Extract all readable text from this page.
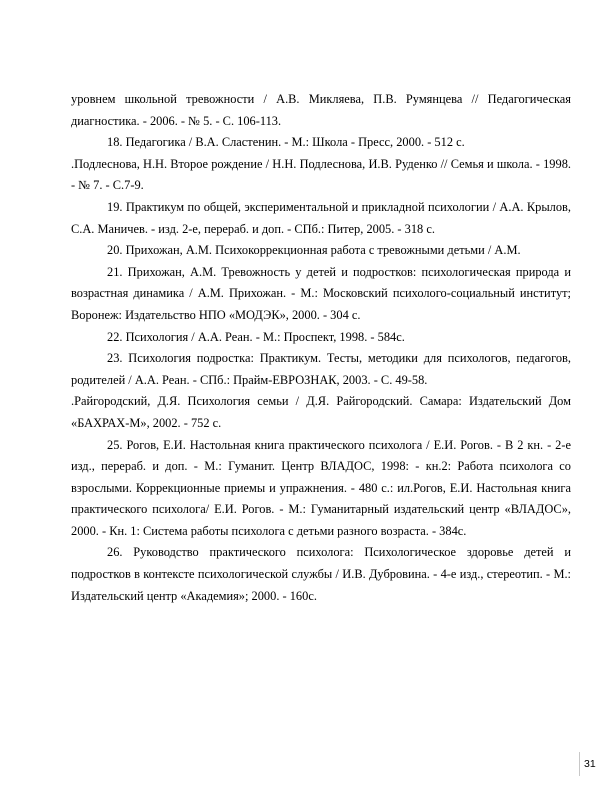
уровнем школьной тревожности / А.В. Микляева, П.В. Румянцева // Педагогическая диагностика. - 2006. - № 5. - С. 106-113.

18. Педагогика / В.А. Сластенин. - М.: Школа - Пресс, 2000. - 512 с.

.Подлеснова, Н.Н. Второе рождение / Н.Н. Подлеснова, И.В. Руденко // Семья и школа. - 1998. - № 7. - С.7-9.

19. Практикум по общей, экспериментальной и прикладной психологии / А.А. Крылов, С.А. Маничев. - изд. 2-е, перераб. и доп. - СПб.: Питер, 2005. - 318 с.

20. Прихожан, А.М. Психокоррекционная работа с тревожными детьми / А.М.

21. Прихожан, А.М. Тревожность у детей и подростков: психологическая природа и возрастная динамика / А.М. Прихожан. - М.: Московский психолого-социальный институт; Воронеж: Издательство НПО «МОДЭК», 2000. - 304 с.

22. Психология / А.А. Реан. - М.: Проспект, 1998. - 584с.

23. Психология подростка: Практикум. Тесты, методики для психологов, педагогов, родителей / А.А. Реан. - СПб.: Прайм-ЕВРОЗНАК, 2003. - С. 49-58.

.Райгородский, Д.Я. Психология семьи / Д.Я. Райгородский. Самара: Издательский Дом «БАХРАХ-М», 2002. - 752 с.

25. Рогов, Е.И. Настольная книга практического психолога / Е.И. Рогов. - В 2 кн. - 2-е изд., перераб. и доп. - М.: Гуманит. Центр ВЛАДОС, 1998: - кн.2: Работа психолога со взрослыми. Коррекционные приемы и упражнения. - 480 с.: ил.Рогов, Е.И. Настольная книга практического психолога/ Е.И. Рогов. - М.: Гуманитарный издательский центр «ВЛАДОС», 2000. - Кн. 1: Система работы психолога с детьми разного возраста. - 384с.

26. Руководство практического психолога: Психологическое здоровье детей и подростков в контексте психологической службы / И.В. Дубровина. - 4-е изд., стереотип. - М.: Издательский центр «Академия»; 2000. - 160с.

31
